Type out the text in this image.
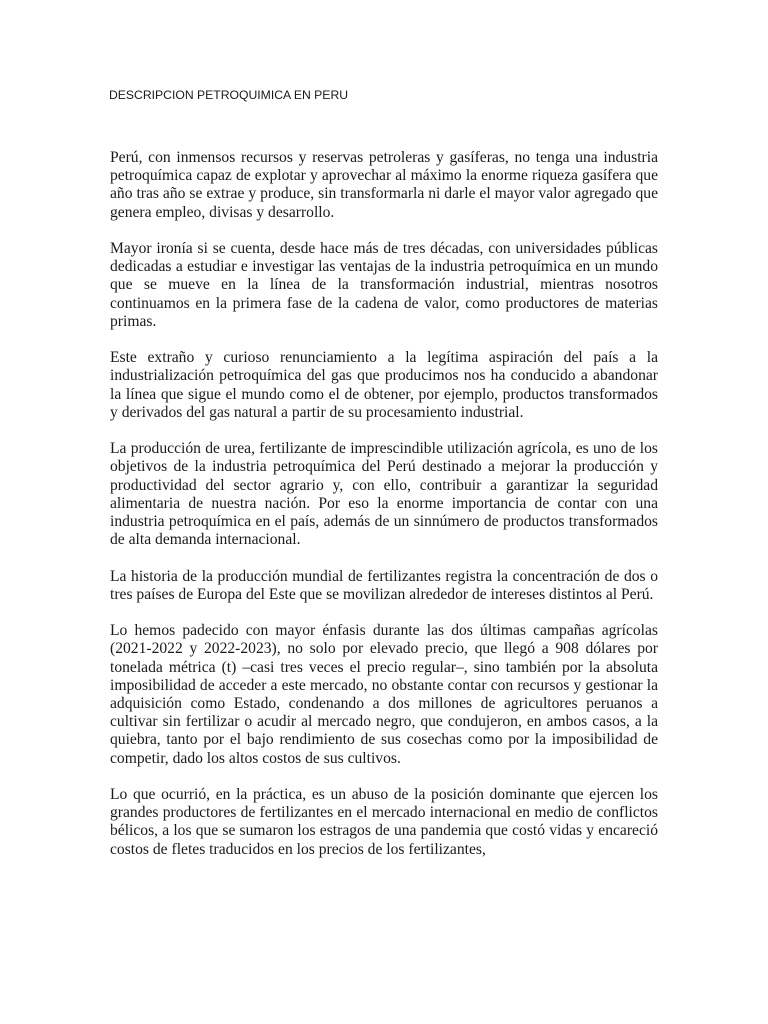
DESCRIPCION PETROQUIMICA EN PERU

Perú, con inmensos recursos y reservas petroleras y gasíferas, no tenga una industria petroquímica capaz de explotar y aprovechar al máximo la enorme riqueza gasífera que año tras año se extrae y produce, sin transformarla ni darle el mayor valor agregado que genera empleo, divisas y desarrollo.

Mayor ironía si se cuenta, desde hace más de tres décadas, con universidades públicas dedicadas a estudiar e investigar las ventajas de la industria petroquímica en un mundo que se mueve en la línea de la transformación industrial, mientras nosotros continuamos en la primera fase de la cadena de valor, como productores de materias primas.

Este extraño y curioso renunciamiento a la legítima aspiración del país a la industrialización petroquímica del gas que producimos nos ha conducido a abandonar la línea que sigue el mundo como el de obtener, por ejemplo, productos transformados y derivados del gas natural a partir de su procesamiento industrial.

La producción de urea, fertilizante de imprescindible utilización agrícola, es uno de los objetivos de la industria petroquímica del Perú destinado a mejorar la producción y productividad del sector agrario y, con ello, contribuir a garantizar la seguridad alimentaria de nuestra nación. Por eso la enorme importancia de contar con una industria petroquímica en el país, además de un sinnúmero de productos transformados de alta demanda internacional.

La historia de la producción mundial de fertilizantes registra la concentración de dos o tres países de Europa del Este que se movilizan alrededor de intereses distintos al Perú.

Lo hemos padecido con mayor énfasis durante las dos últimas campañas agrícolas (2021-2022 y 2022-2023), no solo por elevado precio, que llegó a 908 dólares por tonelada métrica (t) –casi tres veces el precio regular–, sino también por la absoluta imposibilidad de acceder a este mercado, no obstante contar con recursos y gestionar la adquisición como Estado, condenando a dos millones de agricultores peruanos a cultivar sin fertilizar o acudir al mercado negro, que condujeron, en ambos casos, a la quiebra, tanto por el bajo rendimiento de sus cosechas como por la imposibilidad de competir, dado los altos costos de sus cultivos.

Lo que ocurrió, en la práctica, es un abuso de la posición dominante que ejercen los grandes productores de fertilizantes en el mercado internacional en medio de conflictos bélicos, a los que se sumaron los estragos de una pandemia que costó vidas y encareció costos de fletes traducidos en los precios de los fertilizantes,
